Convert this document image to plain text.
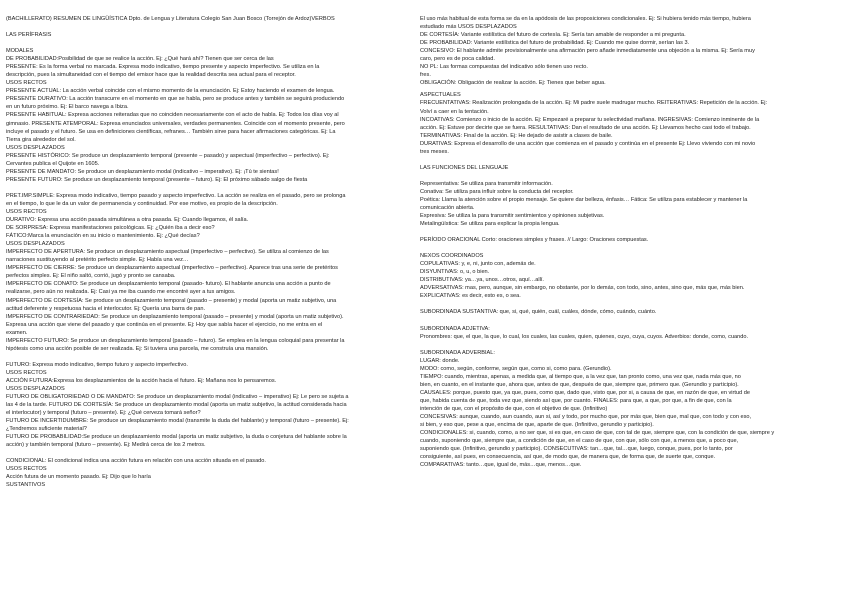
(BACHILLERATO) RESUMEN DE LINGÜÍSTICA Dpto. de Lengua y Literatura Colegio San Juan Bosco (Torrejón de Ardoz)VERBOS
LAS PERÍFRASIS
MODALES
DE PROBABILIDAD:Posibilidad de que se realice la acción. Ej: ¿Qué hará ahí? Tienen que ser cerca de las
PRESENTE: Es la forma verbal no marcada. Expresa modo indicativo, tiempo presente y aspecto imperfectivo. Se utiliza en la
descripción, pues la simultaneidad con el tiempo del emisor hace que la realidad descrita sea actual para el receptor.
USOS RECTOS
PRESENTE ACTUAL: La acción verbal coincide con el mismo momento de la enunciación. Ej: Estoy haciendo el examen de lengua.
PRESENTE DURATIVO: La acción transcurre en el momento en que se habla, pero se produce antes y también se seguirá produciendo
en un futuro próximo. Ej: El barco navega a Ibiza.
PRESENTE HABITUAL: Expresa acciones reiteradas que no coinciden necesariamente con el acto de habla. Ej: Todos los días voy al
gimnasio. PRESENTE ATEMPORAL: Expresa enunciados universales, verdades permanentes. Coincide con el momento presente, pero
incluye el pasado y el futuro. Se usa en definiciones científicas, refranes… También sirve para hacer afirmaciones categóricas. Ej: La
Tierra gira alrededor del sol.
USOS DESPLAZADOS
PRESENTE HISTÓRICO: Se produce un desplazamiento temporal (presente – pasado) y aspectual (imperfectivo – perfectivo). Ej:
Cervantes publica el Quijote en 1605.
PRESENTE DE MANDATO: Se produce un desplazamiento modal (indicativo – imperativo). Ej: ¡Tú te sientas!
PRESENTE FUTURO: Se produce un desplazamiento temporal (presente – futuro). Ej: El próximo sábado salgo de fiesta
PRET.IMP.SIMPLE: Expresa modo indicativo, tiempo pasado y aspecto imperfectivo. La acción se realiza en el pasado, pero se prolonga
en el tiempo, lo que le da un valor de permanencia y continuidad. Por ese motivo, es propio de la descripción.
USOS RECTOS
DURATIVO: Expresa una acción pasada simultánea a otra pasada. Ej: Cuando llegamos, él salía.
DE SORPRESA: Expresa manifestaciones psicológicas. Ej: ¿Quién iba a decir eso?
FÁTICO:Marca la enunciación en su inicio o mantenimiento. Ej: ¿Qué decías?
USOS DESPLAZADOS
IMPERFECTO DE APERTURA: Se produce un desplazamiento aspectual (imperfectivo – perfectivo). Se utiliza al comienzo de las
narraciones sustituyendo al pretérito perfecto simple. Ej: Había una vez…
IMPERFECTO DE CIERRE: Se produce un desplazamiento aspectual (imperfectivo – perfectivo). Aparece tras una serie de pretéritos
perfectos simples. Ej: El niño saltó, corrió, jugó y pronto se cansaba.
IMPERFECTO DE CONATO: Se produce un desplazamiento temporal (pasado- futuro). El hablante anuncia una acción a punto de
realizarse, pero aún no realizada. Ej: Casi ya me iba cuando me encontré ayer a tus amigos.
IMPERFECTO DE CORTESÍA: Se produce un desplazamiento temporal (pasado – presente) y modal (aporta un matiz subjetivo, una
actitud deferente y respetuosa hacia el interlocutor. Ej: Quería una barra de pan.
IMPERFECTO DE CONTRARIEDAD: Se produce un desplazamiento temporal (pasado – presente) y modal (aporta un matiz subjetivo).
Expresa una acción que viene del pasado y que continúa en el presente. Ej: Hoy que sabía hacer el ejercicio, no me entra en el
examen.
IMPERFECTO FUTURO: Se produce un desplazamiento temporal (pasado – futuro). Se emplea en la lengua coloquial para presentar la
hipótesis como una acción posible de ser realizada. Ej: Si tuviera una parcela, me construía una mansión.
FUTURO: Expresa modo indicativo, tiempo futuro y aspecto imperfectivo.
USOS RECTOS
ACCIÓN FUTURA:Expresa los desplazamientos de la acción hacia el futuro. Ej: Mañana nos lo pensaremos.
USOS DESPLAZADOS
FUTURO DE OBLIGATORIEDAD O DE MANDATO: Se produce un desplazamiento modal (indicativo – imperativo) Ej: Le pero se sujeta a
las 4 de la tarde. FUTURO DE CORTESÍA: Se produce un desplazamiento modal (aporta un matiz subjetivo, la actitud considerada hacia
el interlocutor) y temporal (futuro – presente). Ej: ¿Qué cerveza tomará señor?
FUTURO DE INCERTIDUMBRE: Se produce un desplazamiento modal (transmite la duda del hablante) y temporal (futuro – presente). Ej:
¿Tendremos suficiente material?
FUTURO DE PROBABILIDAD:Se produce un desplazamiento modal (aporta un matiz subjetivo, la duda o conjetura del hablante sobre la
acción) y también temporal (futuro – presente). Ej: Medirá cerca de los 2 metros.
CONDICIONAL: El condicional indica una acción futura en relación con una acción situada en el pasado.
USOS RECTOS
Acción futura de un momento pasado. Ej: Dijo que lo haría
SUSTANTIVOS
El uso más habitual de esta forma se da en la apódosis de las proposiciones condicionales. Ej: Si hubiera tenido más tiempo, hubiera
estudiado más USOS DESPLAZADOS
DE CORTESÍA: Variante estilística del futuro de cortesía. Ej: Sería tan amable de responder a mi pregunta.
DE PROBABILIDAD: Variante estilística del futuro de probabilidad. Ej: Cuando me quise dormir, serían las 3.
CONCESIVO: El hablante admite provisionalmente una afirmación pero añade inmediatamente una objeción a la misma. Ej: Sería muy
caro, pero es de poca calidad.
NO PL: Las formas compuestas del indicativo sólo tienen uso recto.
fres.
OBLIGACIÓN: Obligación de realizar la acción. Ej: Tienes que beber agua.
ASPECTUALES
FRECUENTATIVAS: Realización prolongada de la acción. Ej: Mi padre suele madrugar mucho. REITERATIVAS: Repetición de la acción. Ej:
Volví a caer en la tentación.
INCOATIVAS: Comienzo o inicio de la acción. Ej: Empezaré a preparar tu selectividad mañana. INGRESIVAS: Comienzo inminente de la
acción. Ej: Estuve por decirte que se fuera. RESULTATIVAS: Dan el resultado de una acción. Ej: Llevamos hecho casi todo el trabajo.
TERMINATIVAS: Final de la acción. Ej: He dejado de asistir a clases de baile.
DURATIVAS: Expresa el desarrollo de una acción que comienza en el pasado y continúa en el presente Ej: Llevo viviendo con mi novio
tres meses.
LAS FUNCIONES DEL LENGUAJE
Representativa: Se utiliza para transmitir información.
Conativa: Se utiliza para influir sobre la conducta del receptor.
Poética: Llama la atención sobre el propio mensaje. Se quiere dar belleza, énfasis… Fática: Se utiliza para establecer y mantener la
comunicación abierta.
Expresiva: Se utiliza la para transmitir sentimientos y opiniones subjetivas.
Metalingüística: Se utiliza para explicar la propia lengua.
PERÍODO ORACIONAL Corto: oraciones simples y frases. // Largo: Oraciones compuestas.
NEXOS COORDINADOS
COPULATIVAS: y, e, ni, junto con, además de.
DISYUNTIVAS: o, u, o bien.
DISTRIBUTIVAS: ya…ya, unos…otros, aquí…allí.
ADVERSATIVAS: mas, pero, aunque, sin embargo, no obstante, por lo demás, con todo, sino, antes, sino que, más que, más bien.
EXPLICATIVAS: es decir, esto es, o sea.
SUBORDINADA SUSTANTIVA: que, si, qué, quién, cuál, cuáles, dónde, cómo, cuándo, cuánto.
SUBORDINADA ADJETIVA:
Pronombres: que, el que, la que, lo cual, los cuales, las cuales, quien, quienes, cuyo, cuya, cuyos. Adverbios: donde, como, cuando.
SUBORDINADA ADVERBIAL:
LUGAR: donde.
MODO: como, según, conforme, según que, como si, como para. (Gerundio).
TIEMPO: cuando, mientras, apenas, a medida que, al tiempo que, a la vez que, tan pronto como, una vez que, nada más que, no
bien, en cuanto, en el instante que, ahora que, antes de que, después de que, siempre que, primero que. (Gerundio y participio).
CAUSALES: porque, puesto que, ya que, pues, como que, dado que, visto que, por si, a causa de que, en razón de que, en virtud de
que, habida cuenta de que, toda vez que, siendo así que, por cuanto. FINALES: para que, a que, por que, a fin de que, con la
intención de que, con el propósito de que, con el objetivo de que. (Infinitivo)
CONCESIVAS: aunque, cuando, aun cuando, aun si, así y todo, por mucho que, por más que, bien que, mal que, con todo y con eso,
si bien, y eso que, pese a que, encima de que, aparte de que. (Infinitivo, gerundio y participio).
CONDICIONALES: si, cuando, como, a no ser que, si es que, en caso de que, con tal de que, siempre que, con la condición de que, siempre y
cuando, suponiendo que, siempre que, a condición de que, en el caso de que, con que, sólo con que, a menos que, a poco que,
suponiendo que. (Infinitivo, gerundio y participio). CONSECUTIVAS: tan…que, tal…que, luego, conque, pues, por lo tanto, por
consiguiente, así pues, en consecuencia, así que, de modo que, de manera que, de forma que, de suerte que, conque.
COMPARATIVAS: tanto…que, igual de, más…que, menos…que.
